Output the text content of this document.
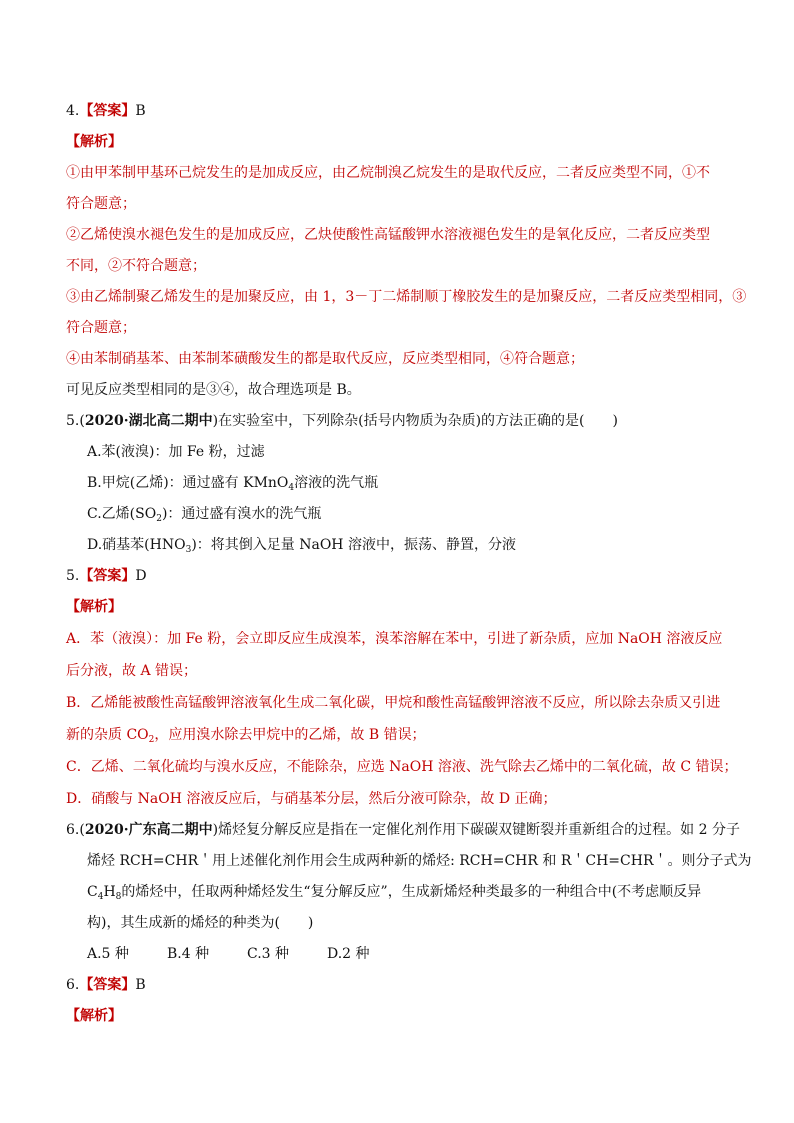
4.【答案】B
【解析】
①由甲苯制甲基环己烷发生的是加成反应，由乙烷制溴乙烷发生的是取代反应，二者反应类型不同，①不
符合题意；
②乙烯使溴水褪色发生的是加成反应，乙炔使酸性高锰酸钾水溶液褪色发生的是氧化反应，二者反应类型
不同，②不符合题意；
③由乙烯制聚乙烯发生的是加聚反应，由 1，3－丁二烯制顺丁橡胶发生的是加聚反应，二者反应类型相同，③
符合题意；
④由苯制硝基苯、由苯制苯磺酸发生的都是取代反应，反应类型相同，④符合题意；
可见反应类型相同的是③④，故合理选项是 B。
5.(2020·湖北高二期中)在实验室中，下列除杂(括号内物质为杂质)的方法正确的是(　　)
A.苯(液溴)：加 Fe 粉，过滤
B.甲烷(乙烯)：通过盛有 KMnO$_4$溶液的洗气瓶
C.乙烯$(SO_2)$：通过盛有溴水的洗气瓶
D.硝基苯$(HNO_3)$：将其倒入足量 NaOH 溶液中，振荡、静置，分液
5.【答案】D
【解析】
A．苯（液溴）：加 Fe 粉，会立即反应生成溴苯，溴苯溶解在苯中，引进了新杂质，应加 NaOH 溶液反应
后分液，故 A 错误；
B．乙烯能被酸性高锰酸钾溶液氧化生成二氧化碳，甲烷和酸性高锰酸钾溶液不反应，所以除去杂质又引进
新的杂质 $CO_2$，应用溴水除去甲烷中的乙烯，故 B 错误；
C．乙烯、二氧化硫均与溴水反应，不能除杂，应选 NaOH 溶液、洗气除去乙烯中的二氧化硫，故 C 错误；
D．硝酸与 NaOH 溶液反应后，与硝基苯分层，然后分液可除杂，故 D 正确；
6.(2020·广东高二期中)烯烃复分解反应是指在一定催化剂作用下碳碳双键断裂并重新组合的过程。如 2 分子
烯烃 RCH=CHR＇用上述催化剂作用会生成两种新的烯烃: RCH=CHR 和 R＇CH=CHR＇。则分子式为
$C_4H_8$的烯烃中，任取两种烯烃发生“复分解反应”，生成新烯烃种类最多的一种组合中(不考虑顺反异
构)，其生成新的烯烃的种类为(　　)
A.5 种	B.4 种	C.3 种	D.2 种
6.【答案】B
【解析】
